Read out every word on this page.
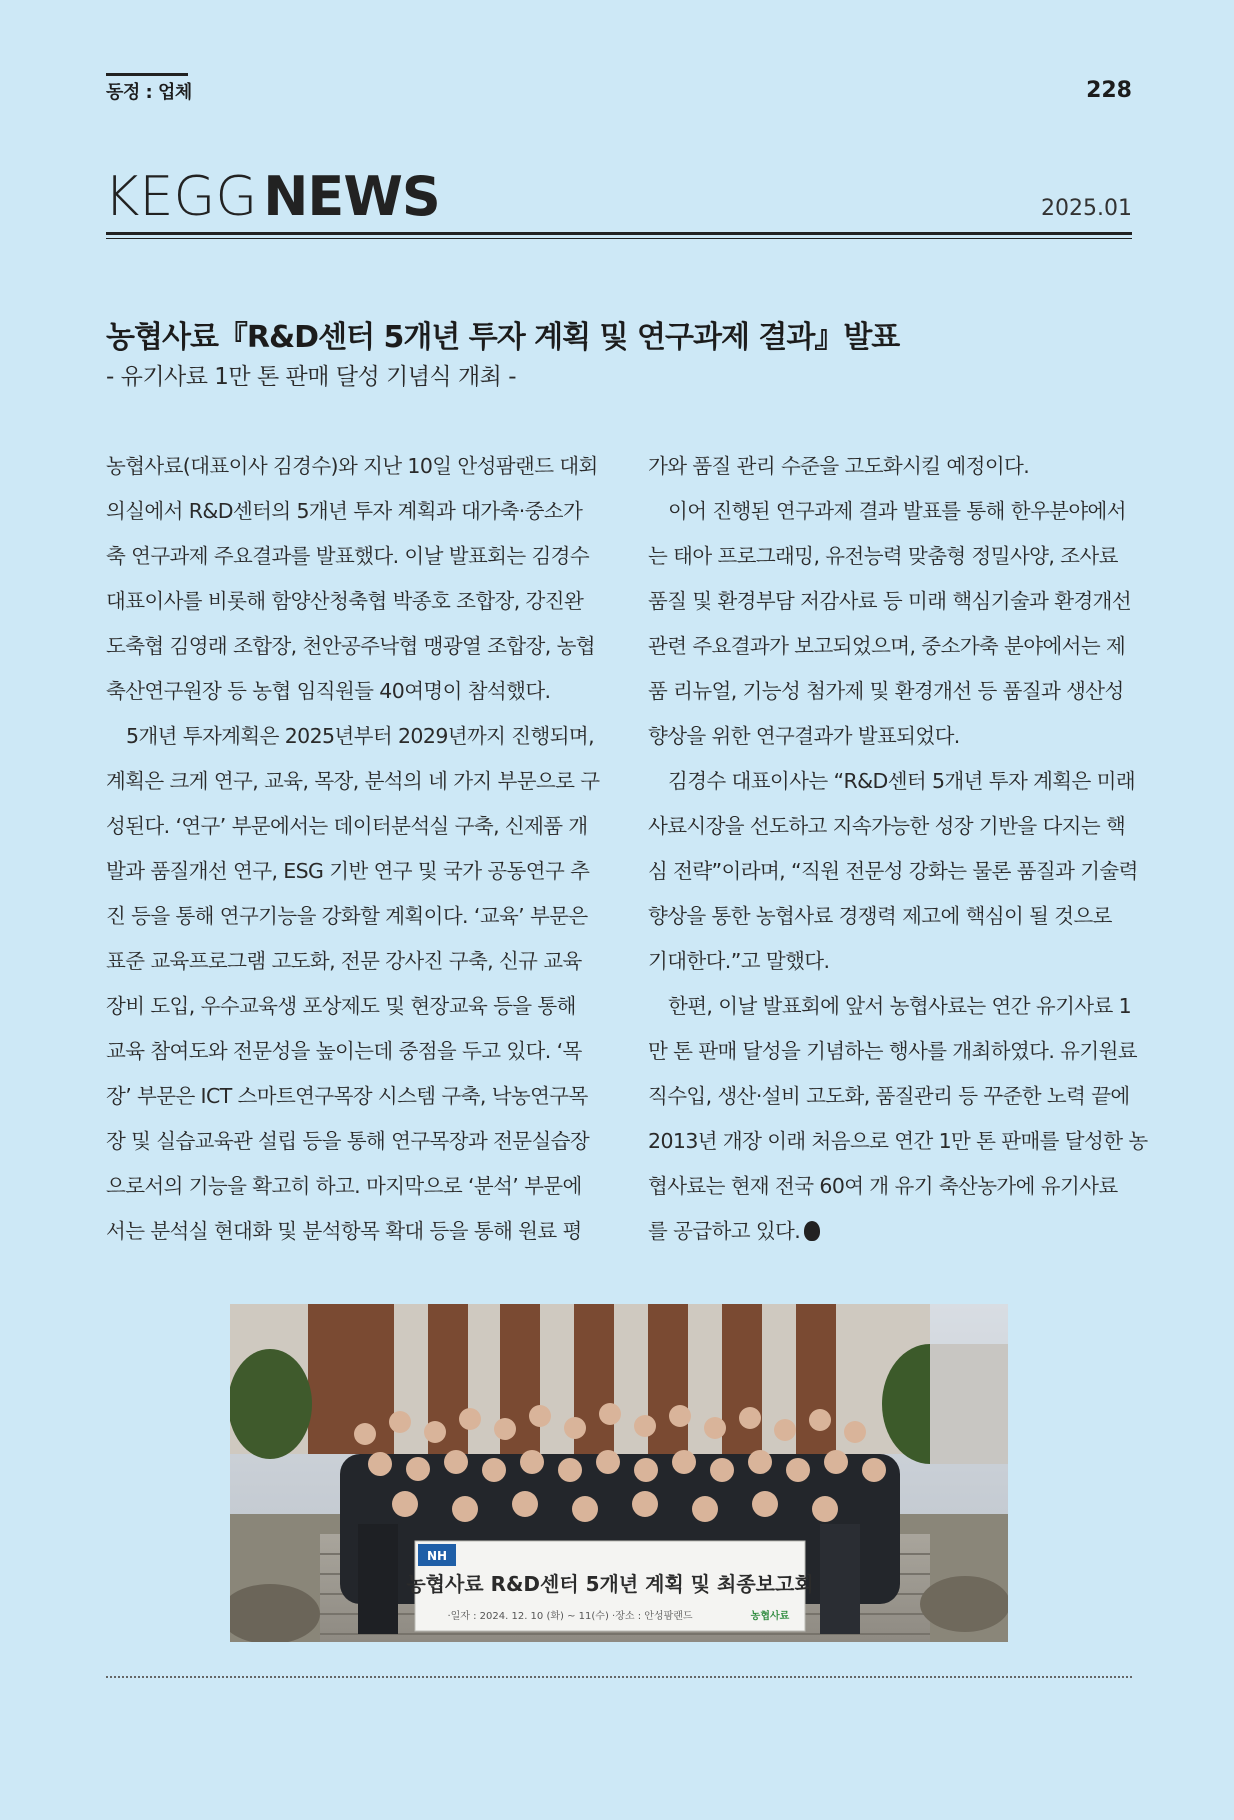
동정 : 업체	228
KEGG NEWS	2025.01
농협사료『R&D센터 5개년 투자 계획 및 연구과제 결과』발표
- 유기사료 1만 톤 판매 달성 기념식 개최 -
농협사료(대표이사 김경수)와 지난 10일 안성팜랜드 대회
의실에서 R&D센터의 5개년 투자 계획과 대가축·중소가
축 연구과제 주요결과를 발표했다. 이날 발표회는 김경수
대표이사를 비롯해 함양산청축협 박종호 조합장, 강진완
도축협 김영래 조합장, 천안공주낙협 맹광열 조합장, 농협
축산연구원장 등 농협 임직원들 40여명이 참석했다.
5개년 투자계획은 2025년부터 2029년까지 진행되며,
계획은 크게 연구, 교육, 목장, 분석의 네 가지 부문으로 구
성된다. ‘연구’ 부문에서는 데이터분석실 구축, 신제품 개
발과 품질개선 연구, ESG 기반 연구 및 국가 공동연구 추
진 등을 통해 연구기능을 강화할 계획이다. ‘교육’ 부문은
표준 교육프로그램 고도화, 전문 강사진 구축, 신규 교육
장비 도입, 우수교육생 포상제도 및 현장교육 등을 통해
교육 참여도와 전문성을 높이는데 중점을 두고 있다. ‘목
장’ 부문은 ICT 스마트연구목장 시스템 구축, 낙농연구목
장 및 실습교육관 설립 등을 통해 연구목장과 전문실습장
으로서의 기능을 확고히 하고. 마지막으로 ‘분석’ 부문에
서는 분석실 현대화 및 분석항목 확대 등을 통해 원료 평
가와 품질 관리 수준을 고도화시킬 예정이다.
이어 진행된 연구과제 결과 발표를 통해 한우분야에서
는 태아 프로그래밍, 유전능력 맞춤형 정밀사양, 조사료
품질 및 환경부담 저감사료 등 미래 핵심기술과 환경개선
관련 주요결과가 보고되었으며, 중소가축 분야에서는 제
품 리뉴얼, 기능성 첨가제 및 환경개선 등 품질과 생산성
향상을 위한 연구결과가 발표되었다.
김경수 대표이사는 “R&D센터 5개년 투자 계획은 미래
사료시장을 선도하고 지속가능한 성장 기반을 다지는 핵
심 전략”이라며, “직원 전문성 강화는 물론 품질과 기술력
향상을 통한 농협사료 경쟁력 제고에 핵심이 될 것으로
기대한다.”고 말했다.
한편, 이날 발표회에 앞서 농협사료는 연간 유기사료 1
만 톤 판매 달성을 기념하는 행사를 개최하였다. 유기원료
직수입, 생산·설비 고도화, 품질관리 등 꾸준한 노력 끝에
2013년 개장 이래 처음으로 연간 1만 톤 판매를 달성한 농
협사료는 현재 전국 60여 개 유기 축산농가에 유기사료
를 공급하고 있다.
NH
농협사료 R&D센터 5개년 계획 및 최종보고회
·일자 : 2024. 12. 10 (화) ~ 11(수) ·장소 : 안성팜랜드	농협사료
